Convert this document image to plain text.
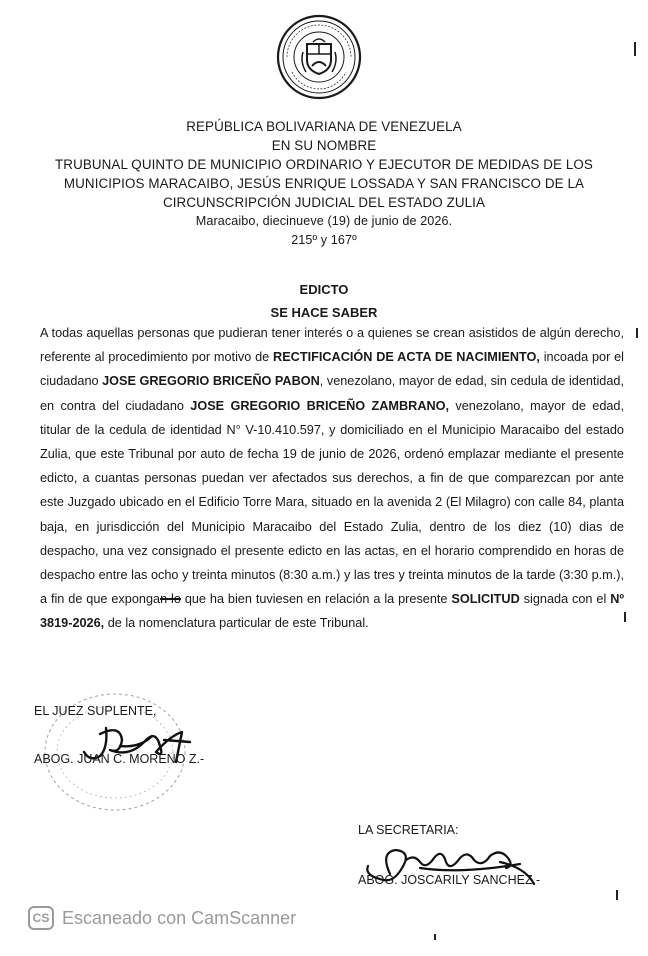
REPÚBLICA BOLIVARIANA DE VENEZUELA
EN SU NOMBRE
TRUBUNAL QUINTO DE MUNICIPIO ORDINARIO Y EJECUTOR DE MEDIDAS DE LOS
MUNICIPIOS MARACAIBO, JESÚS ENRIQUE LOSSADA Y SAN FRANCISCO DE LA
CIRCUNSCRIPCIÓN JUDICIAL DEL ESTADO ZULIA
Maracaibo, diecinueve (19) de junio de 2026.
215º y 167º
EDICTO
SE HACE SABER
A todas aquellas personas que pudieran tener interés o a quienes se crean asistidos de algún derecho, referente al procedimiento por motivo de RECTIFICACIÓN DE ACTA DE NACIMIENTO, incoada por el ciudadano JOSE GREGORIO BRICEÑO PABON, venezolano, mayor de edad, sin cedula de identidad, en contra del ciudadano JOSE GREGORIO BRICEÑO ZAMBRANO, venezolano, mayor de edad, titular de la cedula de identidad N° V-10.410.597, y domiciliado en el Municipio Maracaibo del estado Zulia, que este Tribunal por auto de fecha 19 de junio de 2026, ordenó emplazar mediante el presente edicto, a cuantas personas puedan ver afectados sus derechos, a fin de que comparezcan por ante este Juzgado ubicado en el Edificio Torre Mara, situado en la avenida 2 (El Milagro) con calle 84, planta baja, en jurisdicción del Municipio Maracaibo del Estado Zulia, dentro de los diez (10) dias de despacho, una vez consignado el presente edicto en las actas, en el horario comprendido en horas de despacho entre las ocho y treinta minutos (8:30 a.m.) y las tres y treinta minutos de la tarde (3:30 p.m.), a fin de que expongan lo que ha bien tuviesen en relación a la presente SOLICITUD signada con el Nº 3819-2026, de la nomenclatura particular de este Tribunal.
EL JUEZ SUPLENTE,
ABOG. JUAN C. MORENO Z.-
LA SECRETARIA:
ABOG. JOSCARILY SANCHEZ.-
CS Escaneado con CamScanner
